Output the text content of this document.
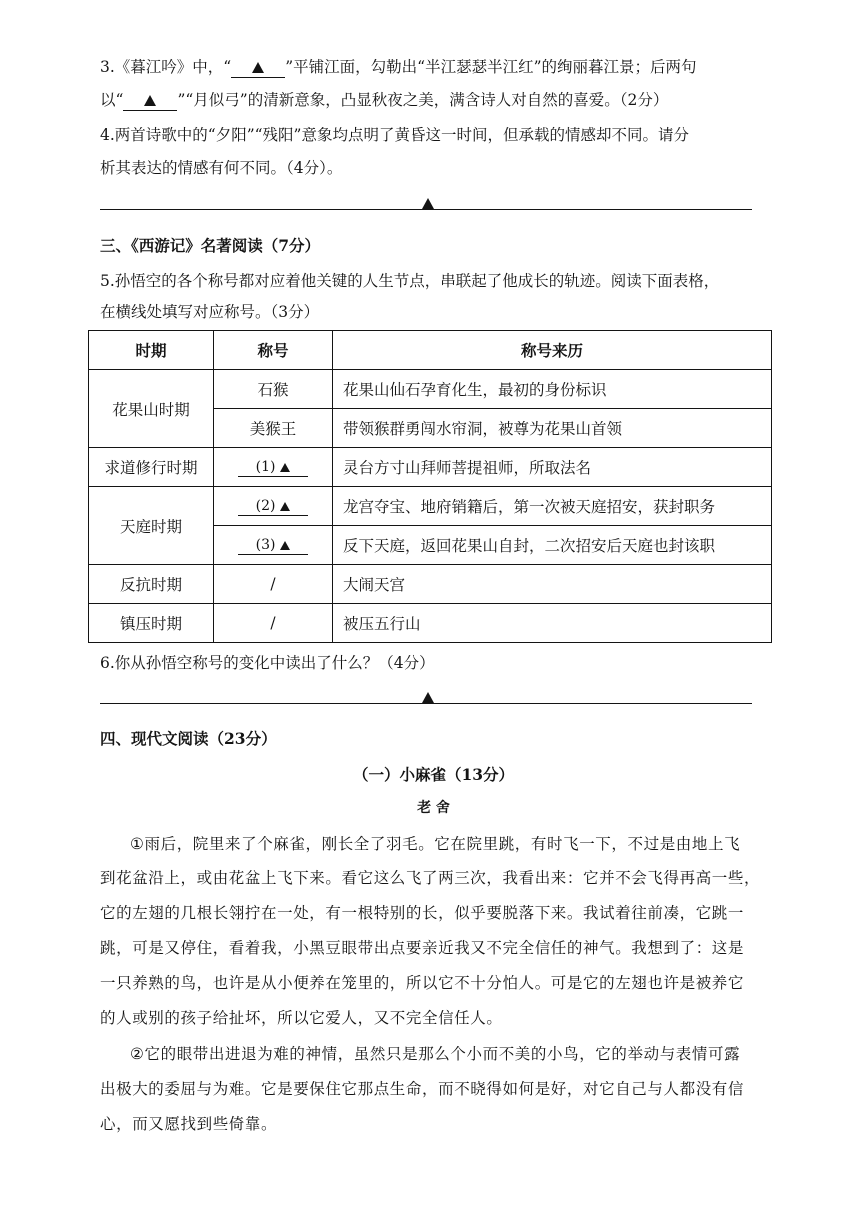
3.《暮江吟》中，“	”平铺江面，勾勒出“半江瑟瑟半江红”的绚丽暮江景；后两句
以“	”“月似弓”的清新意象，凸显秋夜之美，满含诗人对自然的喜爱。（2分）
4.两首诗歌中的“夕阳”“残阳”意象均点明了黄昏这一时间，但承载的情感却不同。请分
析其表达的情感有何不同。（4分）。
三、《西游记》名著阅读（7分）
5.孙悟空的各个称号都对应着他关键的人生节点，串联起了他成长的轨迹。阅读下面表格，
在横线处填写对应称号。（3分）
时期	称号	称号来历
花果山时期	石猴	花果山仙石孕育化生，最初的身份标识
	美猴王	带领猴群勇闯水帘洞，被尊为花果山首领
求道修行时期	(1)	灵台方寸山拜师菩提祖师，所取法名
天庭时期	(2)	龙宫夺宝、地府销籍后，第一次被天庭招安，获封职务
	(3)	反下天庭，返回花果山自封，二次招安后天庭也封该职
反抗时期	/	大闹天宫
镇压时期	/	被压五行山
6.你从孙悟空称号的变化中读出了什么？（4分）
四、现代文阅读（23分）
（一）小麻雀（13分）
老 舍
①雨后，院里来了个麻雀，刚长全了羽毛。它在院里跳，有时飞一下，不过是由地上飞
到花盆沿上，或由花盆上飞下来。看它这么飞了两三次，我看出来：它并不会飞得再高一些，
它的左翅的几根长翎拧在一处，有一根特别的长，似乎要脱落下来。我试着往前凑，它跳一
跳，可是又停住，看着我，小黑豆眼带出点要亲近我又不完全信任的神气。我想到了：这是
一只养熟的鸟，也许是从小便养在笼里的，所以它不十分怕人。可是它的左翅也许是被养它
的人或别的孩子给扯坏，所以它爱人，又不完全信任人。
②它的眼带出进退为难的神情，虽然只是那么个小而不美的小鸟，它的举动与表情可露
出极大的委屈与为难。它是要保住它那点生命，而不晓得如何是好，对它自己与人都没有信
心，而又愿找到些倚靠。
